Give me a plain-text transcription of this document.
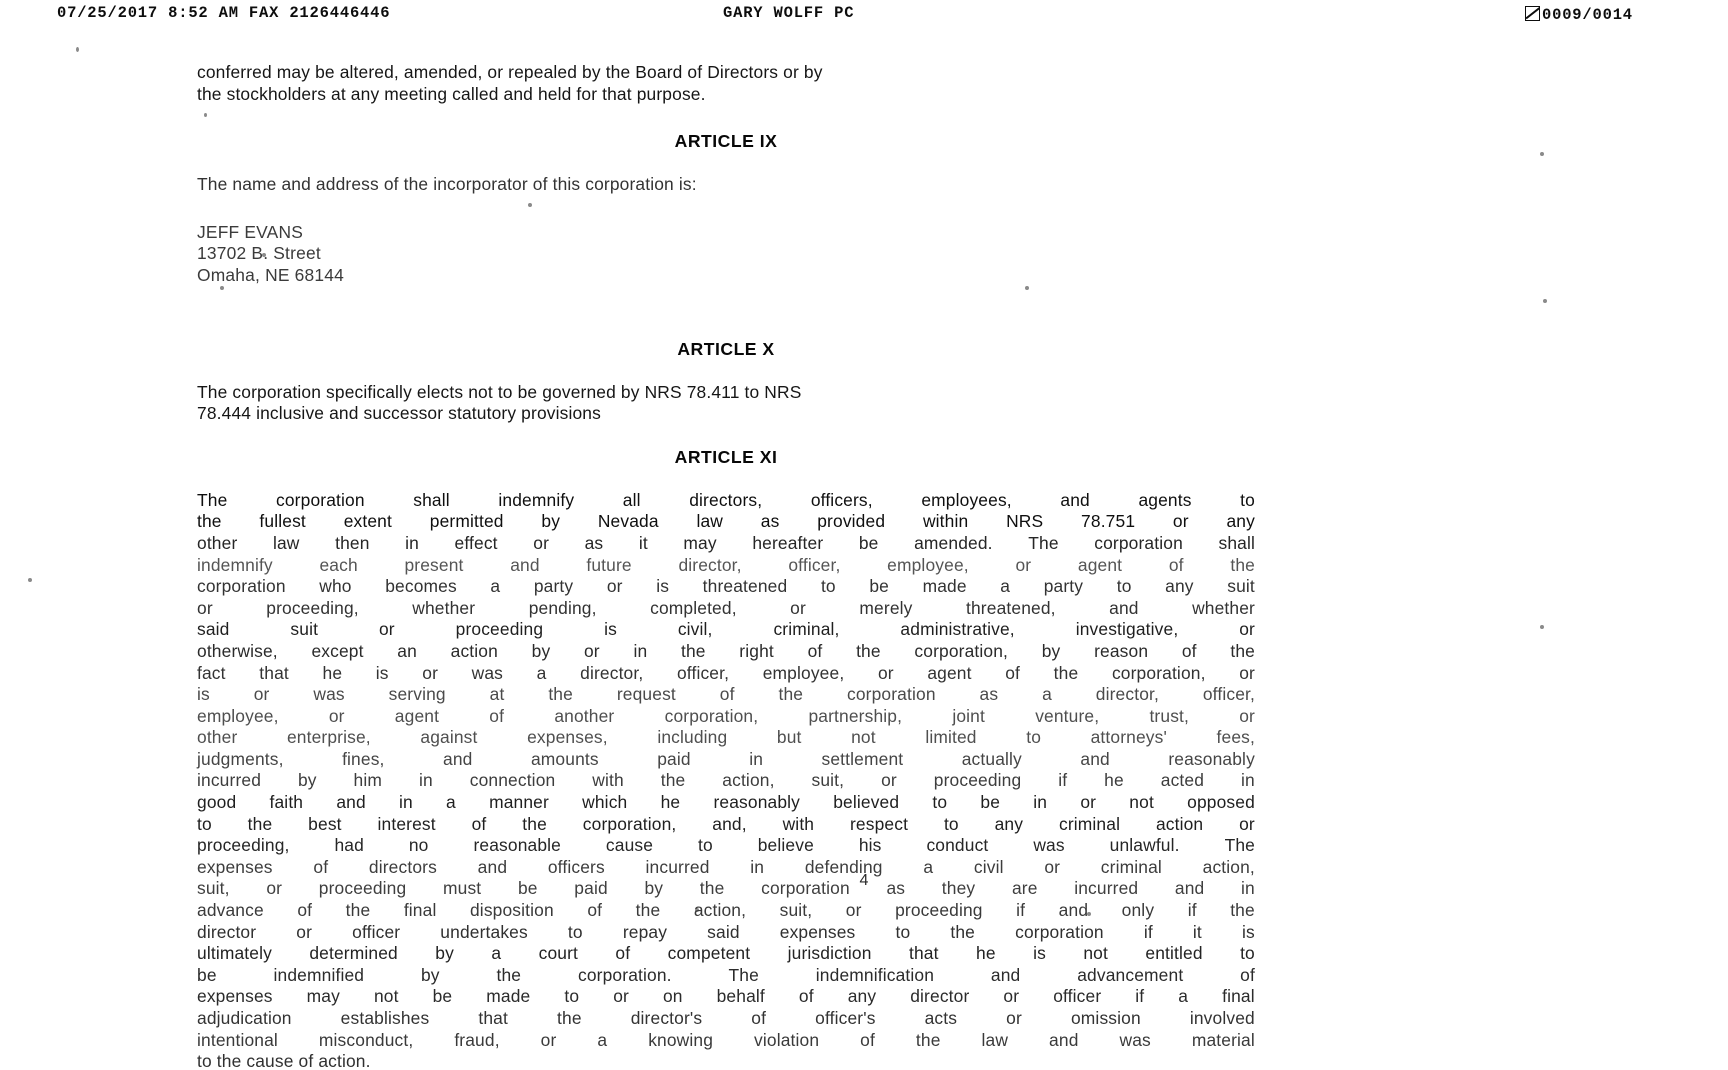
07/25/2017 8:52 AM FAX 2126446446	GARY WOLFF PC	0009/0014
conferred may be altered, amended, or repealed by the Board of Directors or by
the stockholders at any meeting called and held for that purpose.
ARTICLE IX
The name and address of the incorporator of this corporation is:
JEFF EVANS
13702 B. Street
Omaha, NE 68144
ARTICLE X
The corporation specifically elects not to be governed by NRS 78.411 to NRS
78.444 inclusive and successor statutory provisions
ARTICLE XI
The	corporation	shall	indemnify	all	directors,	officers,	employees,	and	agents	to
the fullest extent permitted by Nevada law as provided within NRS 78.751 or any
other law then in effect or as it may hereafter be amended. The corporation shall
indemnify	each	present	and	future	director,	officer,	employee,	or	agent	of	the
corporation who becomes a party or is threatened to be made a party to any suit
or	proceeding,	whether	pending,	completed,	or	merely	threatened,	and	whether
said	suit	or	proceeding	is	civil,	criminal,	administrative,	investigative,	or
otherwise, except an action by or in the right of the corporation, by reason of the
fact that he is or was a director, officer, employee, or agent of the corporation, or
is	or	was	serving	at	the	request	of	the	corporation	as	a	director,	officer,
employee,	or	agent	of	another	corporation,	partnership,	joint	venture,	trust,	or
other	enterprise,	against	expenses,	including	but	not	limited	to	attorneys'	fees,
judgments,	fines,	and	amounts	paid	in	settlement	actually	and	reasonably
incurred by him in connection with the action, suit, or proceeding if he acted in
good faith and in a manner which he reasonably believed to be in or not opposed
to the best interest of the corporation, and, with respect to any criminal action or
proceeding,	had	no	reasonable	cause	to	believe	his	conduct	was	unlawful.	The
expenses of directors and officers incurred in defending a civil or criminal action,
suit, or proceeding must be paid by the corporation as they are incurred and in
advance of the final disposition of the action, suit, or proceeding if and only if the
director or officer undertakes to repay said expenses to the corporation if it is
ultimately determined by a court of competent jurisdiction that he is not entitled to
be	indemnified	by	the	corporation.	The	indemnification	and	advancement	of
expenses may not be made to or on behalf of any director or officer if a final
adjudication	establishes	that	the	director's	of	officer's	acts	or	omission	involved
intentional misconduct, fraud, or a knowing violation of the law and was material
to the cause of action.
4
